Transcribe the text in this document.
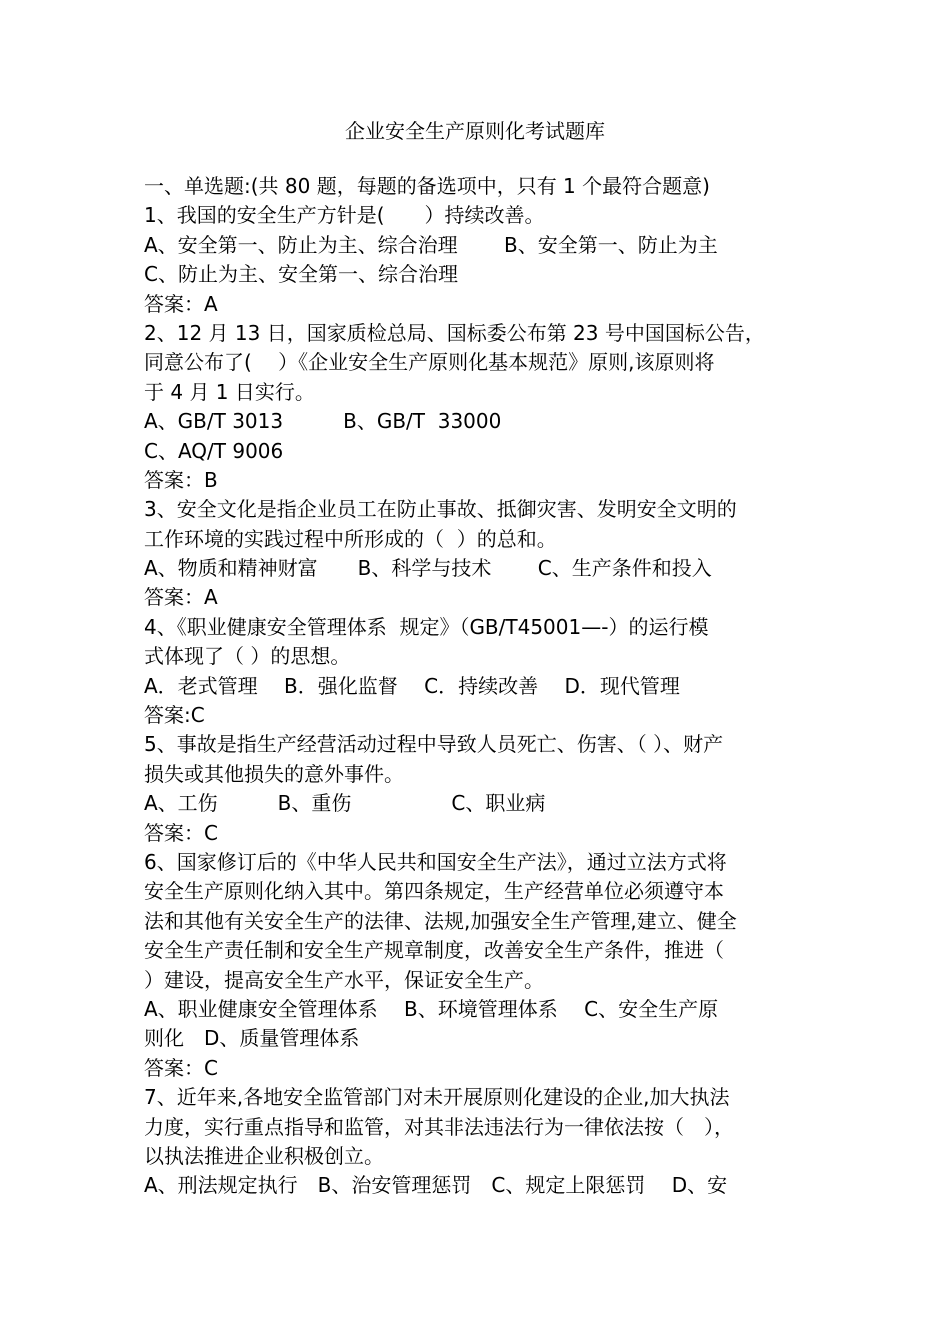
企业安全生产原则化考试题库
一、单选题:(共 80 题，每题的备选项中，只有 1 个最符合题意)
1、我国的安全生产方针是(　　）持续改善。
A、安全第一、防止为主、综合治理　　 B、安全第一、防止为主
C、防止为主、安全第一、综合治理
答案：A
2、12 月 13 日，国家质检总局、国标委公布第 23 号中国国标公告，
同意公布了(　 ）《企业安全生产原则化基本规范》原则,该原则将
于 4 月 1 日实行。
A、GB/T 3013　　　B、GB/T  33000
C、AQ/T 9006
答案：B
3、安全文化是指企业员工在防止事故、抵御灾害、发明安全文明的
工作环境的实践过程中所形成的（  ）的总和。
A、物质和精神财富　　B、科学与技术　　 C、生产条件和投入
答案：A
4、《职业健康安全管理体系  规定》（GB/T45001—-）的运行模
式体现了（ ）的思想。
A．老式管理　 B．强化监督　 C．持续改善　 D．现代管理
答案:C
5、事故是指生产经营活动过程中导致人员死亡、伤害、（ ）、财产
损失或其他损失的意外事件。
A、工伤　　　B、重伤　　　　　C、职业病
答案：C
6、国家修订后的《中华人民共和国安全生产法》，通过立法方式将
安全生产原则化纳入其中。第四条规定，生产经营单位必须遵守本
法和其他有关安全生产的法律、法规,加强安全生产管理,建立、健全
安全生产责任制和安全生产规章制度，改善安全生产条件，推进（
）建设，提高安全生产水平，保证安全生产。
A、职业健康安全管理体系　 B、环境管理体系　 C、安全生产原
则化　D、质量管理体系
答案：C
7、近年来,各地安全监管部门对未开展原则化建设的企业,加大执法
力度，实行重点指导和监管，对其非法违法行为一律依法按（　），
以执法推进企业积极创立。
A、刑法规定执行　B、治安管理惩罚　C、规定上限惩罚　 D、安
